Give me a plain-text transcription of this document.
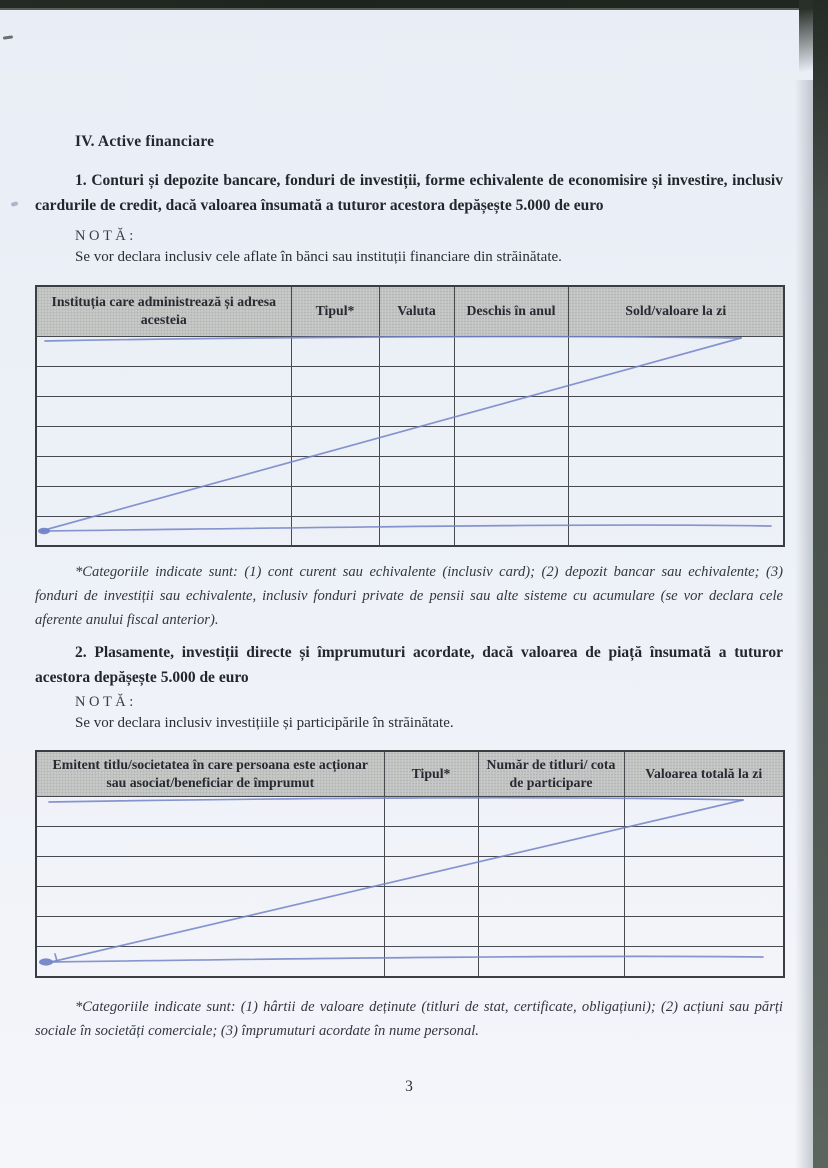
IV. Active financiare
1. Conturi și depozite bancare, fonduri de investiții, forme echivalente de economisire și investire, inclusiv cardurile de credit, dacă valoarea însumată a tuturor acestora depășește 5.000 de euro
NOTĂ:
Se vor declara inclusiv cele aflate în bănci sau instituții financiare din străinătate.
Instituția care administrează și adresa acesteia	Tipul*	Valuta	Deschis în anul	Sold/valoare la zi

*Categoriile indicate sunt: (1) cont curent sau echivalente (inclusiv card); (2) depozit bancar sau echivalente; (3) fonduri de investiții sau echivalente, inclusiv fonduri private de pensii sau alte sisteme cu acumulare (se vor declara cele aferente anului fiscal anterior).
2. Plasamente, investiții directe și împrumuturi acordate, dacă valoarea de piață însumată a tuturor acestora depășește 5.000 de euro
NOTĂ:
Se vor declara inclusiv investițiile și participările în străinătate.
Emitent titlu/societatea în care persoana este acționar sau asociat/beneficiar de împrumut	Tipul*	Număr de titluri/ cota de participare	Valoarea totală la zi

*Categoriile indicate sunt: (1) hârtii de valoare deținute (titluri de stat, certificate, obligațiuni); (2) acțiuni sau părți sociale în societăți comerciale; (3) împrumuturi acordate în nume personal.
3
